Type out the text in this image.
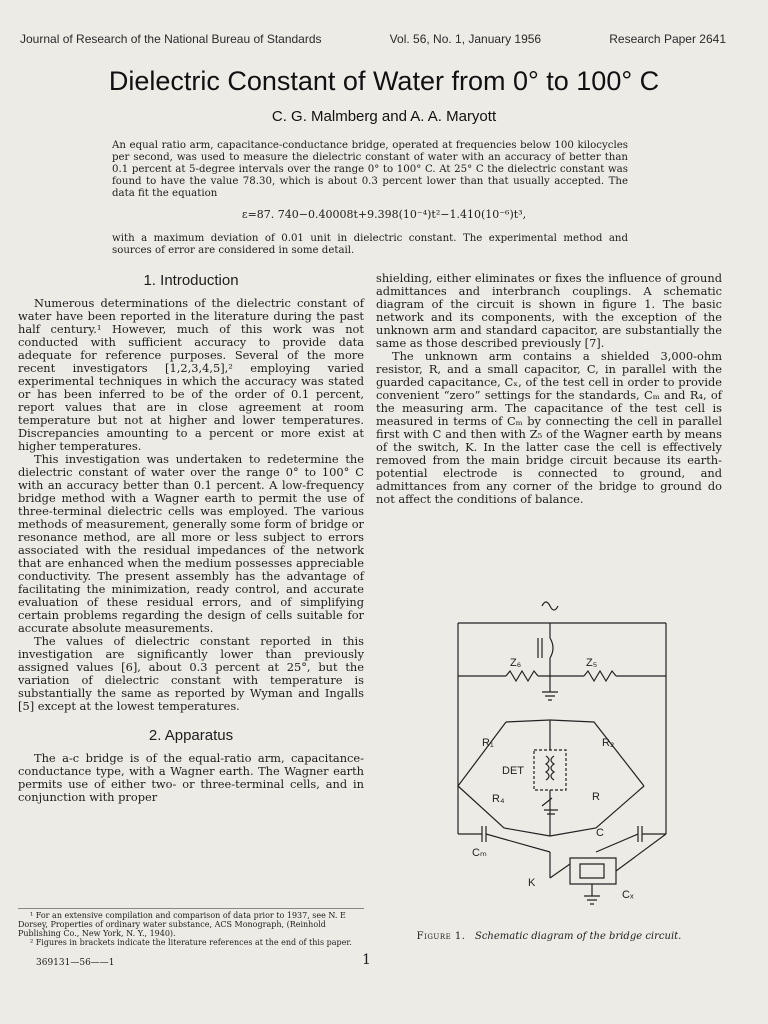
Journal of Research of the National Bureau of Standards	Vol. 56, No. 1, January 1956	Research Paper 2641
Dielectric Constant of Water from 0° to 100° C
C. G. Malmberg and A. A. Maryott

An equal ratio arm, capacitance-conductance bridge, operated at frequencies below 100 kilocycles per second, was used to measure the dielectric constant of water with an accuracy of better than 0.1 percent at 5-degree intervals over the range 0° to 100° C. At 25° C the dielectric constant was found to have the value 78.30, which is about 0.3 percent lower than that usually accepted. The data fit the equation

ε=87. 740−0.40008t+9.398(10⁻⁴)t²−1.410(10⁻⁶)t³,

with a maximum deviation of 0.01 unit in dielectric constant. The experimental method and sources of error are considered in some detail.

1. Introduction

Numerous determinations of the dielectric constant of water have been reported in the literature during the past half century.¹ However, much of this work was not conducted with sufficient accuracy to provide data adequate for reference purposes. Several of the more recent investigators [1,2,3,4,5],² employing varied experimental techniques in which the accuracy was stated or has been inferred to be of the order of 0.1 percent, report values that are in close agreement at room temperature but not at higher and lower temperatures. Discrepancies amounting to a percent or more exist at higher temperatures.

This investigation was undertaken to redetermine the dielectric constant of water over the range 0° to 100° C with an accuracy better than 0.1 percent. A low-frequency bridge method with a Wagner earth to permit the use of three-terminal dielectric cells was employed. The various methods of measurement, generally some form of bridge or resonance method, are all more or less subject to errors associated with the residual impedances of the network that are enhanced when the medium possesses appreciable conductivity. The present assembly has the advantage of facilitating the minimization, ready control, and accurate evaluation of these residual errors, and of simplifying certain problems regarding the design of cells suitable for accurate absolute measurements.

The values of dielectric constant reported in this investigation are significantly lower than previously assigned values [6], about 0.3 percent at 25°, but the variation of dielectric constant with temperature is substantially the same as reported by Wyman and Ingalls [5] except at the lowest temperatures.

2. Apparatus

The a-c bridge is of the equal-ratio arm, capacitance-conductance type, with a Wagner earth. The Wagner earth permits use of either two- or three-terminal cells, and in conjunction with proper

shielding, either eliminates or fixes the influence of ground admittances and interbranch couplings. A schematic diagram of the circuit is shown in figure 1. The basic network and its components, with the exception of the unknown arm and standard capacitor, are substantially the same as those described previously [7].

The unknown arm contains a shielded 3,000-ohm resistor, R, and a small capacitor, C, in parallel with the guarded capacitance, Cₓ, of the test cell in order to provide convenient “zero” settings for the standards, Cₘ and R₄, of the measuring arm. The capacitance of the test cell is measured in terms of Cₘ by connecting the cell in parallel first with C and then with Z₅ of the Wagner earth by means of the switch, K. In the latter case the cell is effectively removed from the main bridge circuit because its earth-potential electrode is connected to ground, and admittances from any corner of the bridge to ground do not affect the conditions of balance.

Z₆	Z₅
R₁	R₂
DET
R₄	R
C
Cₘ
K
Cₓ
Figure 1. Schematic diagram of the bridge circuit.

¹ For an extensive compilation and comparison of data prior to 1937, see N. E Dorsey, Properties of ordinary water substance, ACS Monograph, (Reinhold Publishing Co., New York, N. Y., 1940).

² Figures in brackets indicate the literature references at the end of this paper.

369131—56——1	1
